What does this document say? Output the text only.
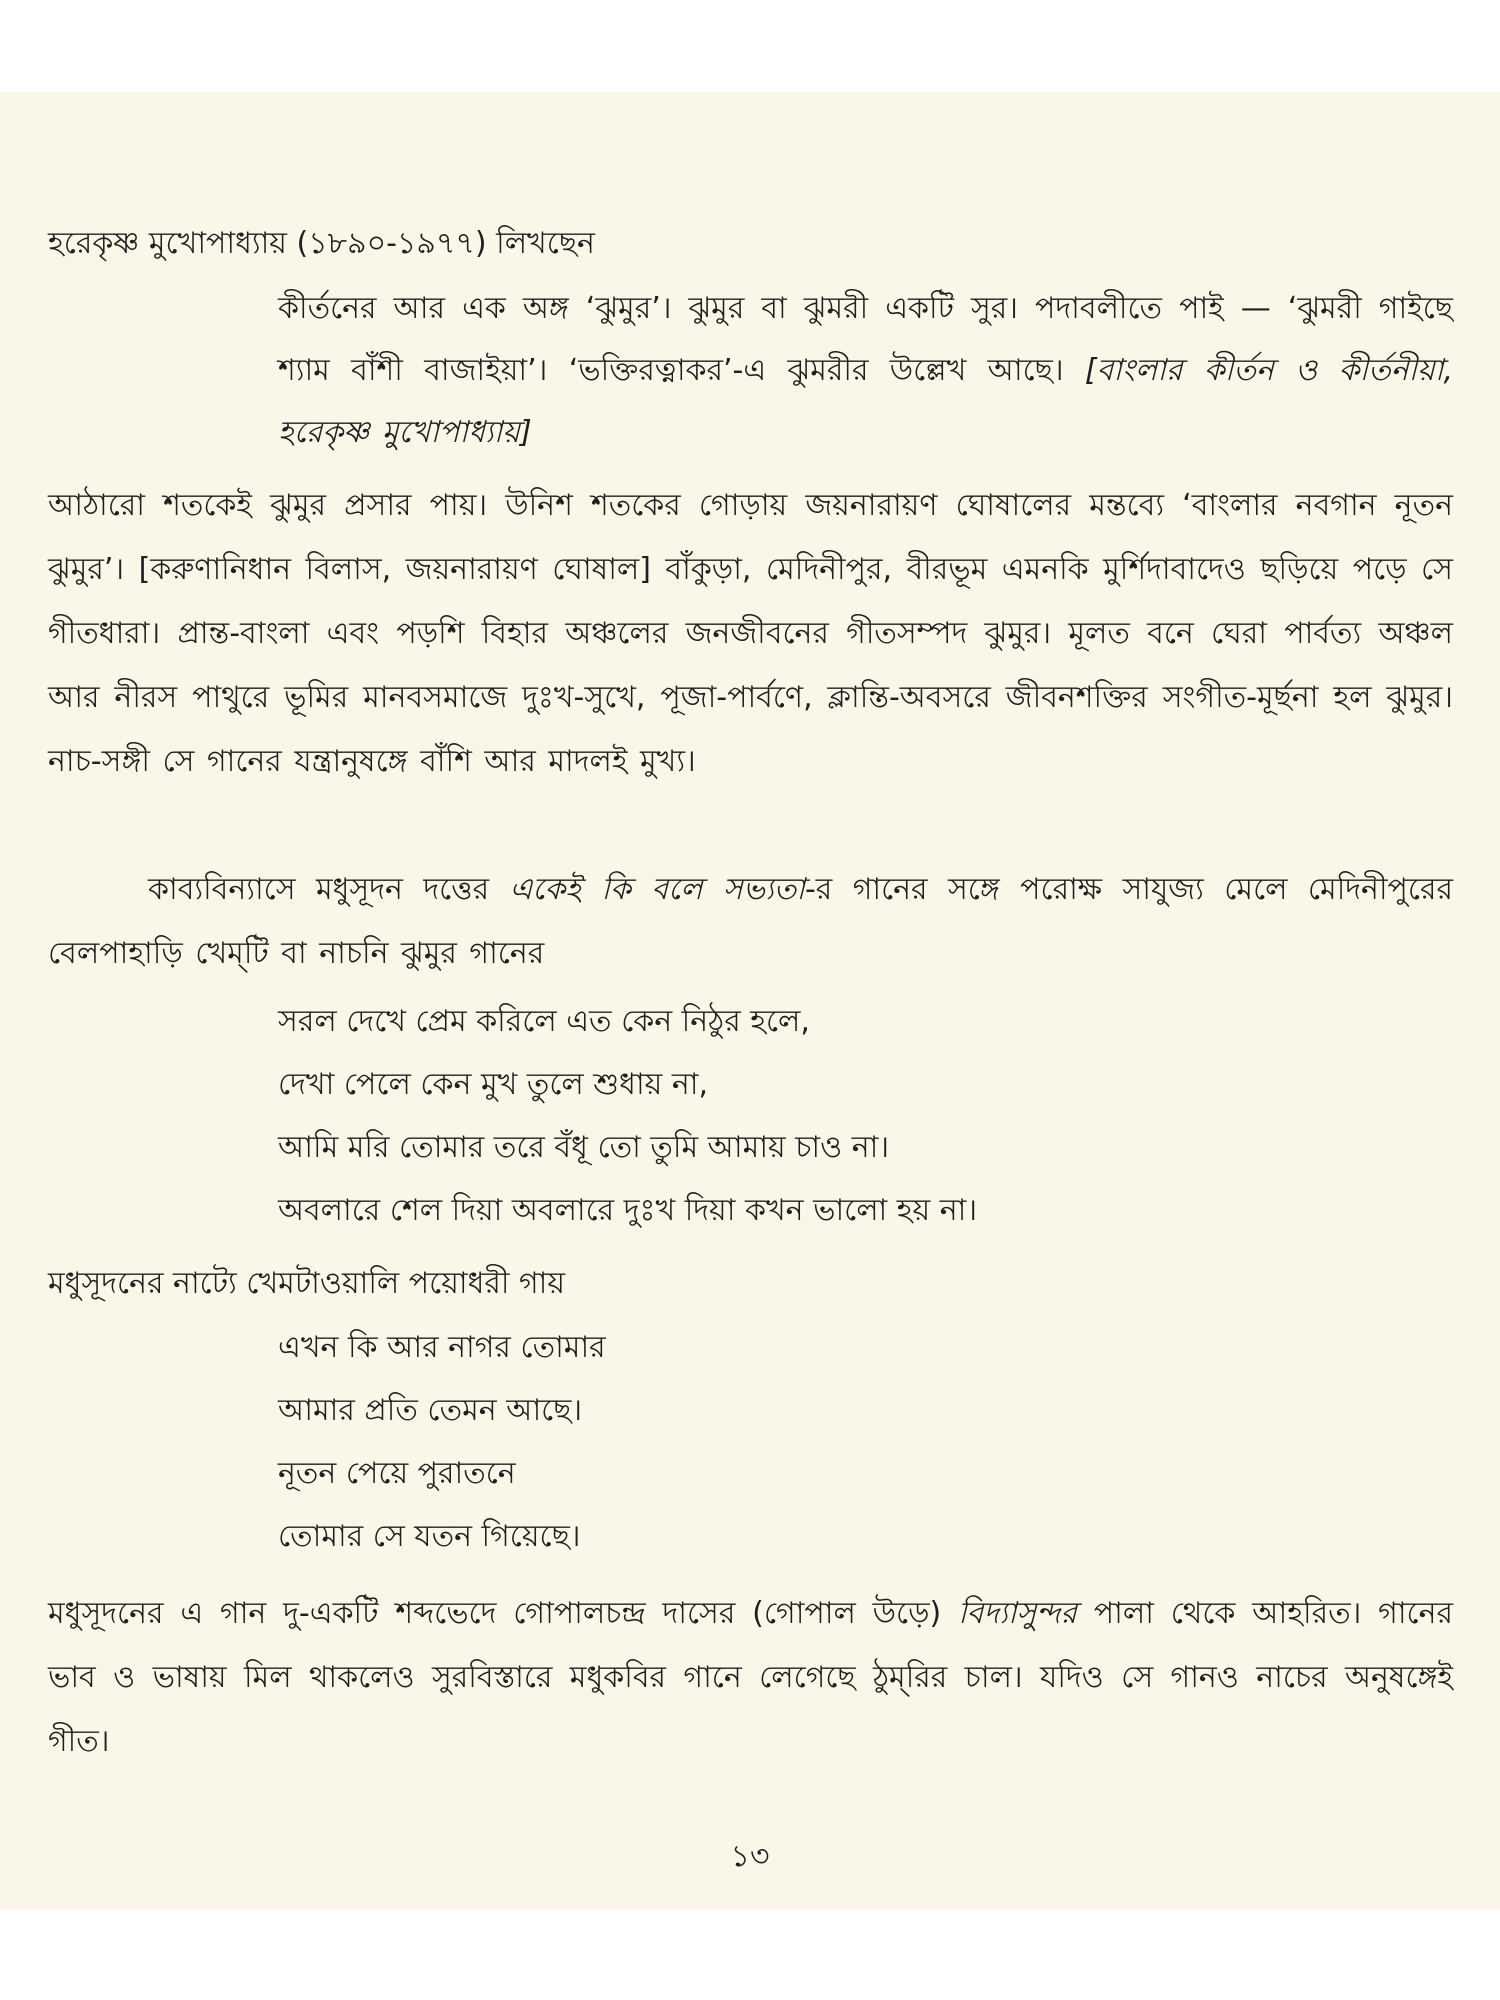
হরেকৃষ্ণ মুখোপাধ্যায় (১৮৯০-১৯৭৭) লিখছেন

কীর্তনের আর এক অঙ্গ ‘ঝুমুর’। ঝুমুর বা ঝুমরী একটি সুর। পদাবলীতে পাই — ‘ঝুমরী গাইছে শ্যাম বাঁশী বাজাইয়া’। ‘ভক্তিরত্নাকর’-এ ঝুমরীর উল্লেখ আছে। [বাংলার কীর্তন ও কীর্তনীয়া, হরেকৃষ্ণ মুখোপাধ্যায়]

আঠারো শতকেই ঝুমুর প্রসার পায়। উনিশ শতকের গোড়ায় জয়নারায়ণ ঘোষালের মন্তব্যে ‘বাংলার নবগান নূতন ঝুমুর’। [করুণানিধান বিলাস, জয়নারায়ণ ঘোষাল] বাঁকুড়া, মেদিনীপুর, বীরভূম এমনকি মুর্শিদাবাদেও ছড়িয়ে পড়ে সে গীতধারা। প্রান্ত-বাংলা এবং পড়শি বিহার অঞ্চলের জনজীবনের গীতসম্পদ ঝুমুর। মূলত বনে ঘেরা পার্বত্য অঞ্চল আর নীরস পাথুরে ভূমির মানবসমাজে দুঃখ-সুখে, পূজা-পার্বণে, ক্লান্তি-অবসরে জীবনশক্তির সংগীত-মূর্ছনা হল ঝুমুর। নাচ-সঙ্গী সে গানের যন্ত্রানুষঙ্গে বাঁশি আর মাদলই মুখ্য।

কাব্যবিন্যাসে মধুসূদন দত্তের একেই কি বলে সভ্যতা-র গানের সঙ্গে পরোক্ষ সাযুজ্য মেলে মেদিনীপুরের বেলপাহাড়ি খেম্‌টি বা নাচনি ঝুমুর গানের

সরল দেখে প্রেম করিলে এত কেন নিঠুর হলে,
দেখা পেলে কেন মুখ তুলে শুধায় না,
আমি মরি তোমার তরে বঁধূ তো তুমি আমায় চাও না।
অবলারে শেল দিয়া অবলারে দুঃখ দিয়া কখন ভালো হয় না।

মধুসূদনের নাট্যে খেমটাওয়ালি পয়োধরী গায়

এখন কি আর নাগর তোমার
আমার প্রতি তেমন আছে।
নূতন পেয়ে পুরাতনে
তোমার সে যতন গিয়েছে।

মধুসূদনের এ গান দু-একটি শব্দভেদে গোপালচন্দ্র দাসের (গোপাল উড়ে) বিদ্যাসুন্দর পালা থেকে আহরিত। গানের ভাব ও ভাষায় মিল থাকলেও সুরবিস্তারে মধুকবির গানে লেগেছে ঠুম্‌রির চাল। যদিও সে গানও নাচের অনুষঙ্গেই গীত।

১৩
